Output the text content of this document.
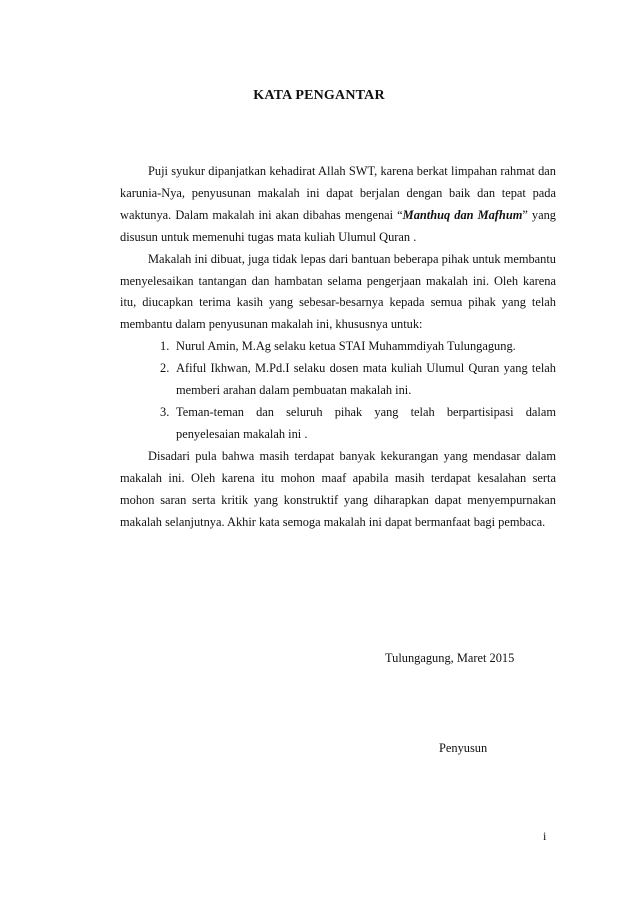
KATA PENGANTAR

Puji syukur dipanjatkan kehadirat Allah SWT, karena berkat limpahan rahmat dan karunia-Nya, penyusunan makalah ini dapat berjalan dengan baik dan tepat pada waktunya. Dalam makalah ini akan dibahas mengenai “Manthuq dan Mafhum” yang disusun untuk memenuhi tugas mata kuliah Ulumul Quran .

Makalah ini dibuat, juga tidak lepas dari bantuan beberapa pihak untuk membantu menyelesaikan tantangan dan hambatan selama pengerjaan makalah ini. Oleh karena itu, diucapkan terima kasih yang sebesar-besarnya kepada semua pihak yang telah membantu dalam penyusunan makalah ini, khususnya untuk:

1. Nurul Amin, M.Ag selaku ketua STAI Muhammdiyah Tulungagung.
2. Afiful Ikhwan, M.Pd.I selaku dosen mata kuliah Ulumul Quran yang telah memberi arahan dalam pembuatan makalah ini.
3. Teman-teman dan seluruh pihak yang telah berpartisipasi dalam penyelesaian makalah ini .

Disadari pula bahwa masih terdapat banyak kekurangan yang mendasar dalam makalah ini. Oleh karena itu mohon maaf apabila masih terdapat kesalahan serta mohon saran serta kritik yang konstruktif yang diharapkan dapat menyempurnakan makalah selanjutnya. Akhir kata semoga makalah ini dapat bermanfaat bagi pembaca.

Tulungagung, Maret 2015
Penyusun
i
